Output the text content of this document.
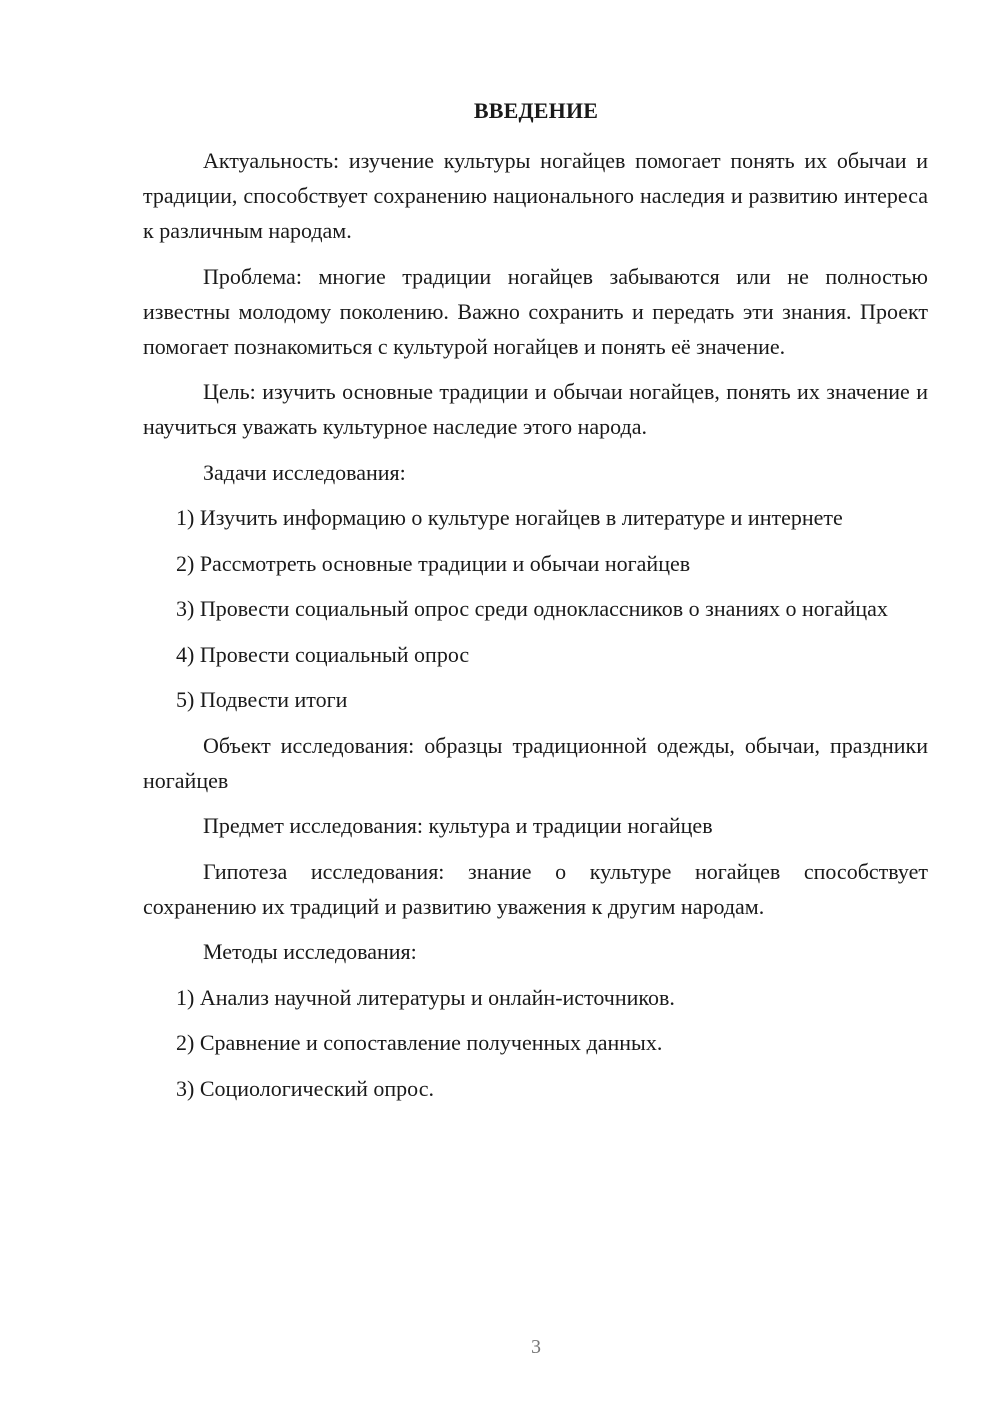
ВВЕДЕНИЕ

Актуальность: изучение культуры ногайцев помогает понять их обычаи и традиции, способствует сохранению национального наследия и развитию интереса к различным народам.

Проблема: многие традиции ногайцев забываются или не полностью известны молодому поколению. Важно сохранить и передать эти знания. Проект помогает познакомиться с культурой ногайцев и понять её значение.

Цель: изучить основные традиции и обычаи ногайцев, понять их значение и научиться уважать культурное наследие этого народа.

Задачи исследования:

1) Изучить информацию о культуре ногайцев в литературе и интернете

2) Рассмотреть основные традиции и обычаи ногайцев

3) Провести социальный опрос среди одноклассников о знаниях о ногайцах

4) Провести социальный опрос

5) Подвести итоги

Объект исследования: образцы традиционной одежды, обычаи, праздники ногайцев

Предмет исследования: культура и традиции ногайцев

Гипотеза исследования: знание о культуре ногайцев способствует сохранению их традиций и развитию уважения к другим народам.

Методы исследования:

1) Анализ научной литературы и онлайн-источников.

2) Сравнение и сопоставление полученных данных.

3) Социологический опрос.

3
